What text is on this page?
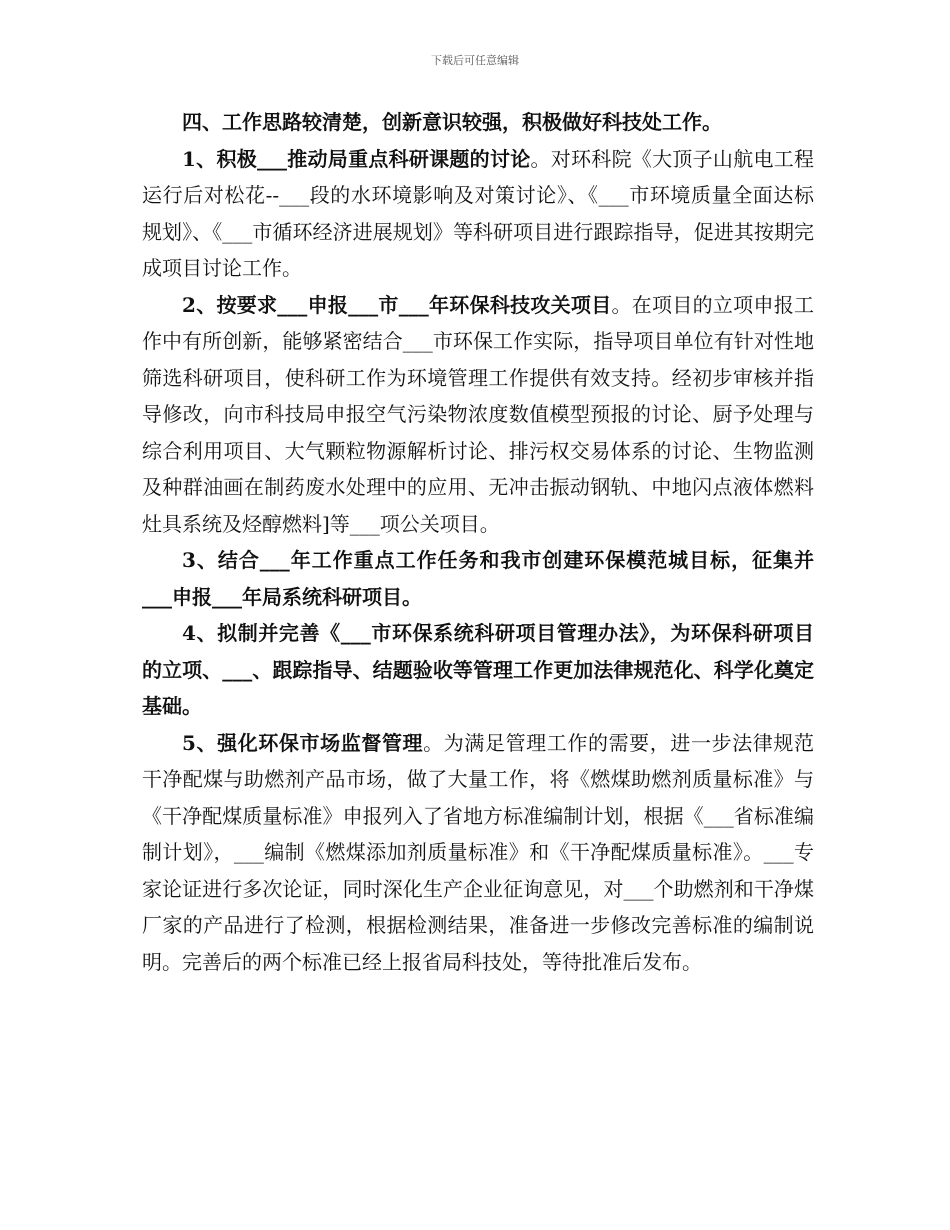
下载后可任意编辑

四、工作思路较清楚，创新意识较强，积极做好科技处工作。

1、积极___推动局重点科研课题的讨论。对环科院《大顶子山航电工程运行后对松花--___段的水环境影响及对策讨论》、《___市环境质量全面达标规划》、《___市循环经济进展规划》等科研项目进行跟踪指导，促进其按期完成项目讨论工作。

2、按要求___申报___市___年环保科技攻关项目。在项目的立项申报工作中有所创新，能够紧密结合___市环保工作实际，指导项目单位有针对性地筛选科研项目，使科研工作为环境管理工作提供有效支持。经初步审核并指导修改，向市科技局申报空气污染物浓度数值模型预报的讨论、厨予处理与综合利用项目、大气颗粒物源解析讨论、排污权交易体系的讨论、生物监测及种群油画在制药废水处理中的应用、无冲击振动钢轨、中地闪点液体燃料灶具系统及烃醇燃料]等___项公关项目。

3、结合___年工作重点工作任务和我市创建环保模范城目标，征集并___申报___年局系统科研项目。

4、拟制并完善《___市环保系统科研项目管理办法》，为环保科研项目的立项、___、跟踪指导、结题验收等管理工作更加法律规范化、科学化奠定基础。

5、强化环保市场监督管理。为满足管理工作的需要，进一步法律规范干净配煤与助燃剂产品市场，做了大量工作，将《燃煤助燃剂质量标准》与《干净配煤质量标准》申报列入了省地方标准编制计划，根据《___省标准编制计划》，___编制《燃煤添加剂质量标准》和《干净配煤质量标准》。___专家论证进行多次论证，同时深化生产企业征询意见，对___个助燃剂和干净煤厂家的产品进行了检测，根据检测结果，准备进一步修改完善标准的编制说明。完善后的两个标准已经上报省局科技处，等待批准后发布。
